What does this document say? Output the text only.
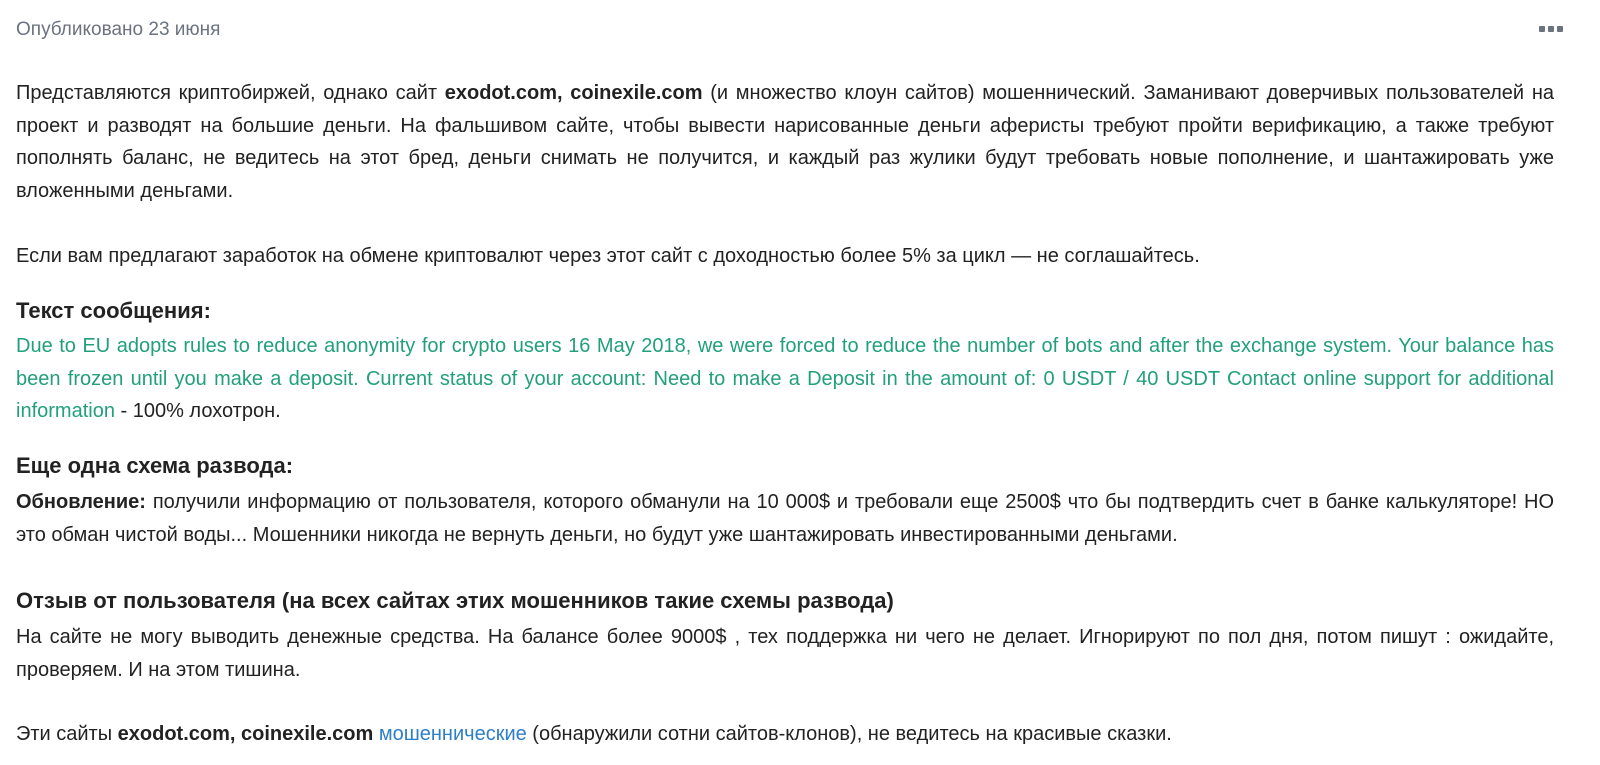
Опубликовано 23 июня

Представляются криптобиржей, однако сайт exodot.com, coinexile.com (и множество клоун сайтов) мошеннический. Заманивают доверчивых пользователей на проект и разводят на большие деньги. На фальшивом сайте, чтобы вывести нарисованные деньги аферисты требуют пройти верификацию, а также требуют пополнять баланс, не ведитесь на этот бред, деньги снимать не получится, и каждый раз жулики будут требовать новые пополнение, и шантажировать уже вложенными деньгами.

Если вам предлагают заработок на обмене криптовалют через этот сайт с доходностью более 5% за цикл — не соглашайтесь.

Текст сообщения:

Due to EU adopts rules to reduce anonymity for crypto users 16 May 2018, we were forced to reduce the number of bots and after the exchange system. Your balance has been frozen until you make a deposit. Current status of your account: Need to make a Deposit in the amount of: 0 USDT / 40 USDT Contact online support for additional information - 100% лохотрон.

Еще одна схема развода:

Обновление: получили информацию от пользователя, которого обманули на 10 000$ и требовали еще 2500$ что бы подтвердить счет в банке калькуляторе! НО это обман чистой воды... Мошенники никогда не вернуть деньги, но будут уже шантажировать инвестированными деньгами.

Отзыв от пользователя (на всех сайтах этих мошенников такие схемы развода)

На сайте не могу выводить денежные средства. На балансе более 9000$ , тех поддержка ни чего не делает. Игнорируют по пол дня, потом пишут : ожидайте, проверяем. И на этом тишина.

Эти сайты exodot.com, coinexile.com мошеннические (обнаружили сотни сайтов-клонов), не ведитесь на красивые сказки.
